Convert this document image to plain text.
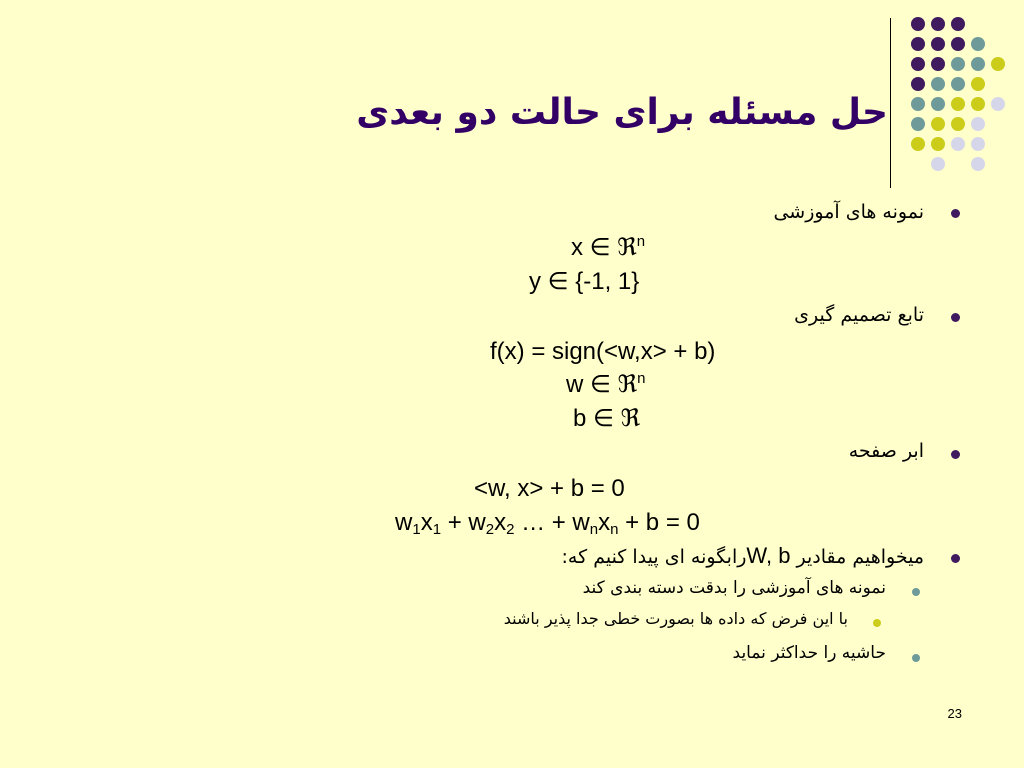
حل مسئله برای حالت دو بعدی
نمونه های آموزشی
x ∈ ℜ$^n$
y ∈ {-1, 1}
تابع تصمیم گیری
f(x) = sign(<w,x> + b)
w ∈ ℜ$^n$
b ∈ ℜ
ابر صفحه
<w, x> + b = 0
$w_1x_1 + w_2x_2$ … + $w_nx_n + b = 0$
میخواهیم مقادیر W, bرابگونه ای پیدا کنیم که:
نمونه های آموزشی را بدقت دسته بندی کند
با این فرض که داده ها بصورت خطی جدا پذیر باشند
حاشیه را حداکثر نماید
23
